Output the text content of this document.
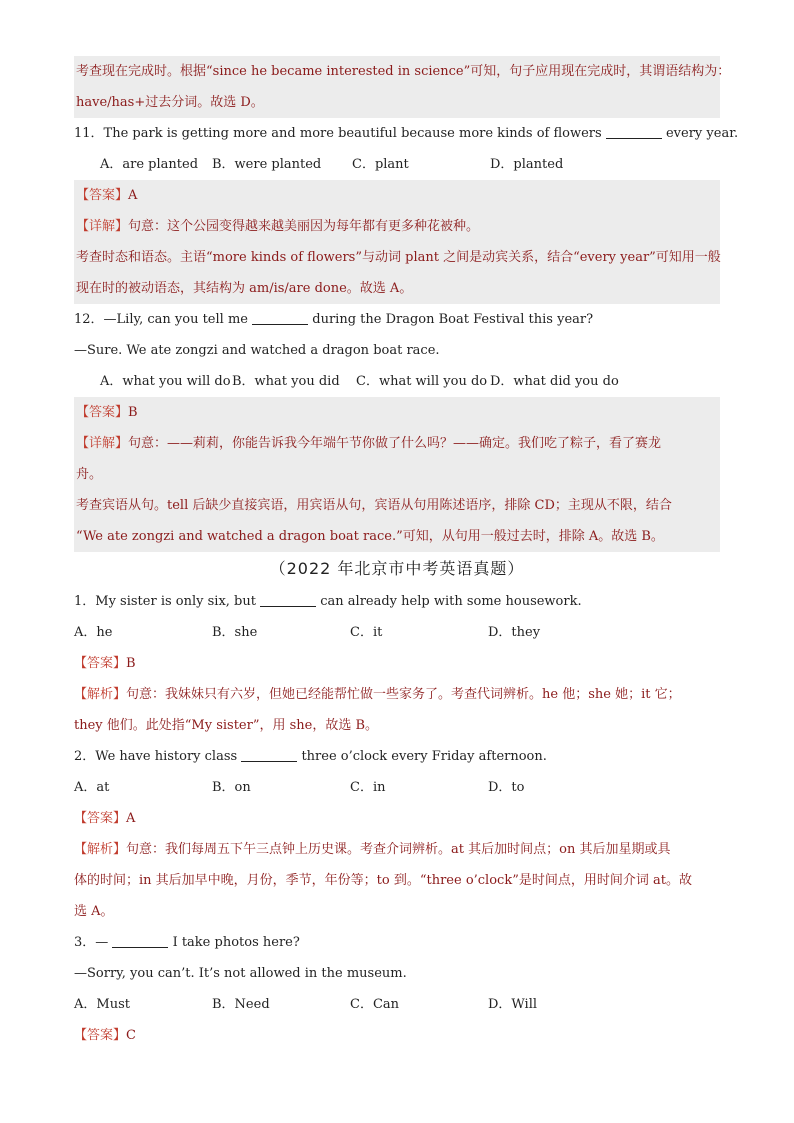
考查现在完成时。根据“since he became interested in science”可知，句子应用现在完成时，其谓语结构为：
have/has+过去分词。故选 D。
11．The park is getting more and more beautiful because more kinds of flowers	every year.
A．are planted	B．were planted	C．plant	D．planted
【答案】A
【详解】句意：这个公园变得越来越美丽因为每年都有更多种花被种。
考查时态和语态。主语“more kinds of flowers”与动词 plant 之间是动宾关系，结合“every year”可知用一般
现在时的被动语态，其结构为 am/is/are done。故选 A。
12．—Lily, can you tell me	during the Dragon Boat Festival this year?
—Sure. We ate zongzi and watched a dragon boat race.
A．what you will do B．what you did	C．what will you do D．what did you do
【答案】B
【详解】句意：——莉莉，你能告诉我今年端午节你做了什么吗？——确定。我们吃了粽子，看了赛龙
舟。
考查宾语从句。tell 后缺少直接宾语，用宾语从句，宾语从句用陈述语序，排除 CD；主现从不限，结合
“We ate zongzi and watched a dragon boat race.”可知，从句用一般过去时，排除 A。故选 B。
（2022 年北京市中考英语真题）
1．My sister is only six, but	can already help with some housework.
A．he	B．she	C．it	D．they
【答案】B
【解析】句意：我妹妹只有六岁，但她已经能帮忙做一些家务了。考查代词辨析。he 他；she 她；it 它；
they 他们。此处指“My sister”，用 she，故选 B。
2．We have history class	three o’clock every Friday afternoon.
A．at	B．on	C．in	D．to
【答案】A
【解析】句意：我们每周五下午三点钟上历史课。考查介词辨析。at 其后加时间点；on 其后加星期或具
体的时间；in 其后加早中晚，月份，季节，年份等；to 到。“three o’clock”是时间点，用时间介词 at。故
选 A。
3．—	I take photos here?
—Sorry, you can’t. It’s not allowed in the museum.
A．Must	B．Need	C．Can	D．Will
【答案】C
